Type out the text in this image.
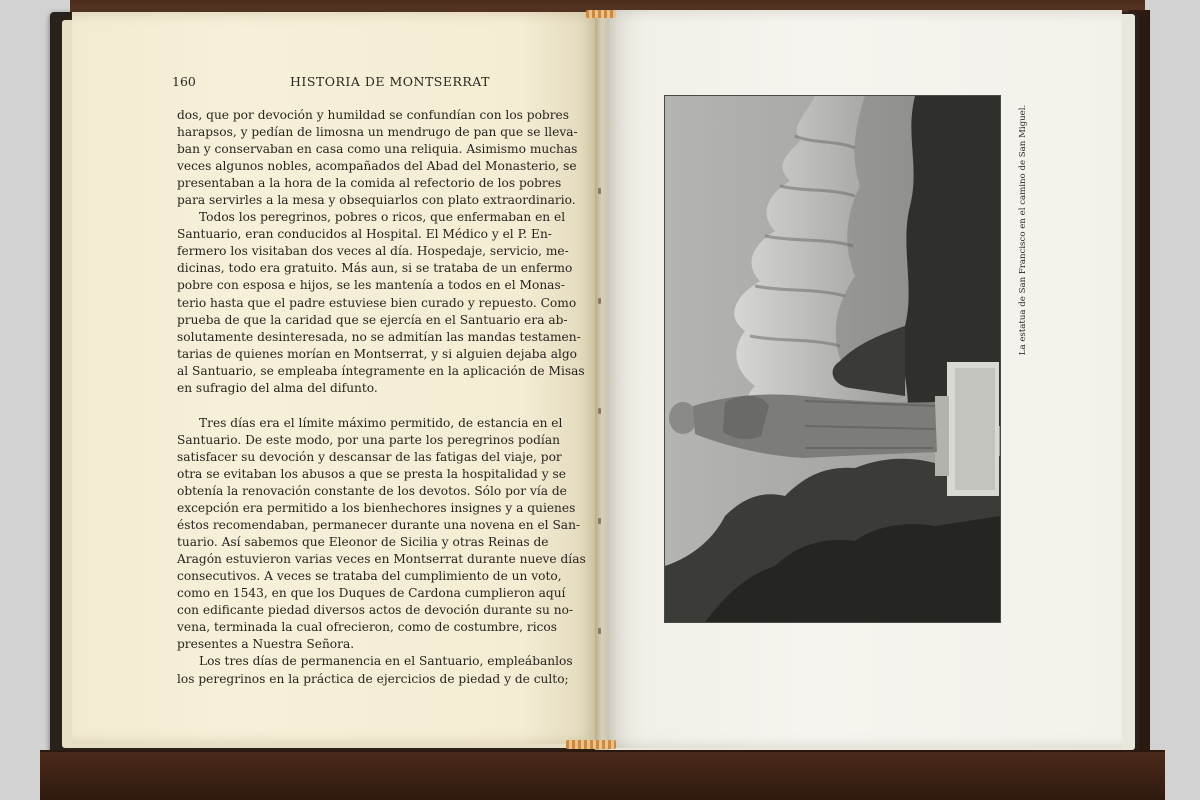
160	HISTORIA DE MONTSERRAT
dos, que por devoción y humildad se confundían con los pobres
harapsos, y pedían de limosna un mendrugo de pan que se lleva-
ban y conservaban en casa como una reliquia. Asimismo muchas
veces algunos nobles, acompañados del Abad del Monasterio, se
presentaban a la hora de la comida al refectorio de los pobres
para servirles a la mesa y obsequiarlos con plato extraordinario.
Todos los peregrinos, pobres o ricos, que enfermaban en el
Santuario, eran conducidos al Hospital. El Médico y el P. En-
fermero los visitaban dos veces al día. Hospedaje, servicio, me-
dicinas, todo era gratuito. Más aun, si se trataba de un enfermo
pobre con esposa e hijos, se les mantenía a todos en el Monas-
terio hasta que el padre estuviese bien curado y repuesto. Como
prueba de que la caridad que se ejercía en el Santuario era ab-
solutamente desinteresada, no se admitían las mandas testamen-
tarias de quienes morían en Montserrat, y si alguien dejaba algo
al Santuario, se empleaba íntegramente en la aplicación de Misas
en sufragio del alma del difunto.
Tres días era el límite máximo permitido, de estancia en el
Santuario. De este modo, por una parte los peregrinos podían
satisfacer su devoción y descansar de las fatigas del viaje, por
otra se evitaban los abusos a que se presta la hospitalidad y se
obtenía la renovación constante de los devotos. Sólo por vía de
excepción era permitido a los bienhechores insignes y a quienes
éstos recomendaban, permanecer durante una novena en el San-
tuario. Así sabemos que Eleonor de Sicilia y otras Reinas de
Aragón estuvieron varias veces en Montserrat durante nueve días
consecutivos. A veces se trataba del cumplimiento de un voto,
como en 1543, en que los Duques de Cardona cumplieron aquí
con edificante piedad diversos actos de devoción durante su no-
vena, terminada la cual ofrecieron, como de costumbre, ricos
presentes a Nuestra Señora.
Los tres días de permanencia en el Santuario, empleábanlos
los peregrinos en la práctica de ejercicios de piedad y de culto;
La estatua de San Francisco en el camino de San Miguel.
